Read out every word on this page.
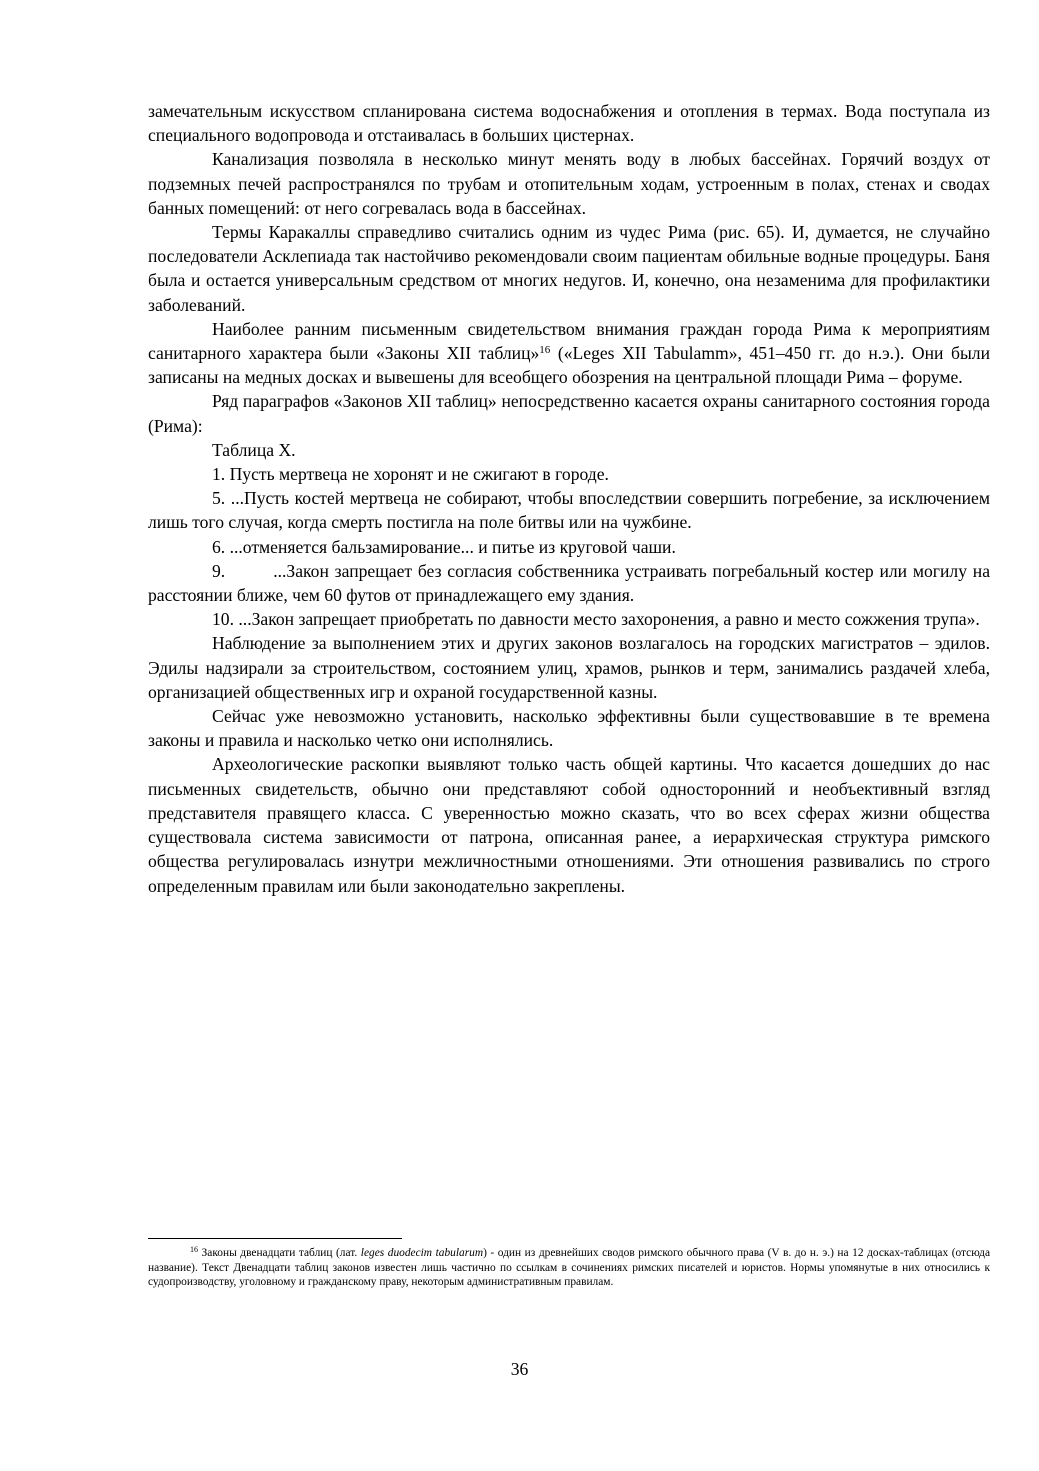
замечательным искусством спланирована система водоснабжения и отопления в термах. Вода поступала из специального водопровода и отстаивалась в больших цистернах.

Канализация позволяла в несколько минут менять воду в любых бассейнах. Горячий воздух от подземных печей распространялся по трубам и отопительным ходам, устроенным в полах, стенах и сводах банных помещений: от него согревалась вода в бассейнах.

Термы Каракаллы справедливо считались одним из чудес Рима (рис. 65). И, думается, не случайно последователи Асклепиада так настойчиво рекомендовали своим пациентам обильные водные процедуры. Баня была и остается универсальным средством от многих недугов. И, конечно, она незаменима для профилактики заболеваний.

Наиболее ранним письменным свидетельством внимания граждан города Рима к мероприятиям санитарного характера были «Законы XII таблиц»$^{16}$ («Leges XII Tabulamm», 451–450 гг. до н.э.). Они были записаны на медных досках и вывешены для всеобщего обозрения на центральной площади Рима – форуме.

Ряд параграфов «Законов XII таблиц» непосредственно касается охраны санитарного состояния города (Рима):

Таблица X.

1. Пусть мертвеца не хоронят и не сжигают в городе.

5. ...Пусть костей мертвеца не собирают, чтобы впоследствии совершить погребение, за исключением лишь того случая, когда смерть постигла на поле битвы или на чужбине.

6. ...отменяется бальзамирование... и питье из круговой чаши.

9.	...Закон запрещает без согласия собственника устраивать погребальный костер или могилу на расстоянии ближе, чем 60 футов от принадлежащего ему здания.

10. ...Закон запрещает приобретать по давности место захоронения, а равно и место сожжения трупа».

Наблюдение за выполнением этих и других законов возлагалось на городских магистратов – эдилов. Эдилы надзирали за строительством, состоянием улиц, храмов, рынков и терм, занимались раздачей хлеба, организацией общественных игр и охраной государственной казны.

Сейчас уже невозможно установить, насколько эффективны были существовавшие в те времена законы и правила и насколько четко они исполнялись.

Археологические раскопки выявляют только часть общей картины. Что касается дошедших до нас письменных свидетельств, обычно они представляют собой односторонний и необъективный взгляд представителя правящего класса. С уверенностью можно сказать, что во всех сферах жизни общества существовала система зависимости от патрона, описанная ранее, а иерархическая структура римского общества регулировалась изнутри межличностными отношениями. Эти отношения развивались по строго определенным правилам или были законодательно закреплены.

$^{16}$ Законы двенадцати таблиц (лат. leges duodecim tabularum) - один из древнейших сводов римского обычного права (V в. до н. э.) на 12 досках-таблицах (отсюда название). Текст Двенадцати таблиц законов известен лишь частично по ссылкам в сочинениях римских писателей и юристов. Нормы упомянутые в них относились к судопроизводству, уголовному и гражданскому праву, некоторым административным правилам.

36
